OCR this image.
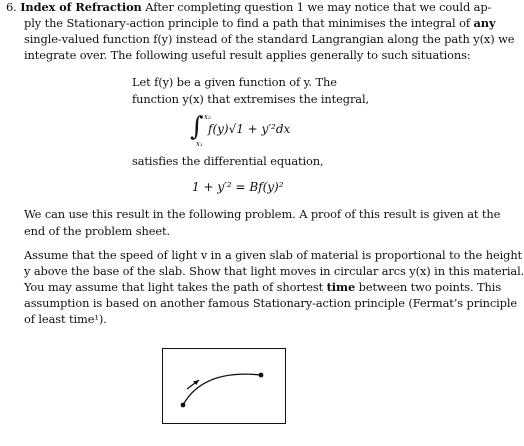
6. Index of Refraction After completing question 1 we may notice that we could ap-
ply the Stationary-action principle to find a path that minimises the integral of any
single-valued function f(y) instead of the standard Langrangian along the path y(x) we
integrate over. The following useful result applies generally to such situations:
Let f(y) be a given function of y. The
function y(x) that extremises the integral,
∫ x₂
x₁
f(y)√1 + y′²dx
satisfies the differential equation,
1 + y′² = Bf(y)²
We can use this result in the following problem. A proof of this result is given at the
end of the problem sheet.
Assume that the speed of light v in a given slab of material is proportional to the height
y above the base of the slab. Show that light moves in circular arcs y(x) in this material.
You may assume that light takes the path of shortest time between two points. This
assumption is based on another famous Stationary-action principle (Fermat’s principle
of least time¹).
